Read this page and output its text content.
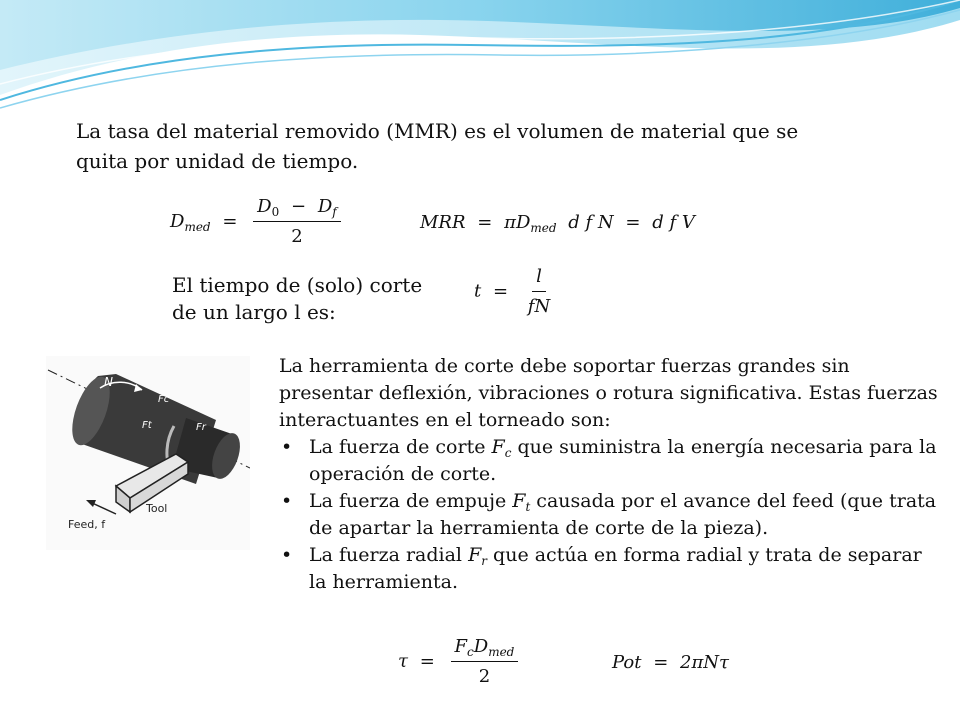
La tasa del material removido (MMR) es el volumen de material que se quita por unidad de tiempo.

$D_{med} = \frac{D_0 - D_f}{2}$	MRR = $\pi D_{med}$ d f N = d f V

El tiempo de (solo) corte de un largo l es:

$t = \frac{l}{fN}$
N
Fc
Fr
Ft
Tool
Feed, f
La herramienta de corte debe soportar fuerzas grandes sin presentar deflexión, vibraciones o rotura significativa. Estas fuerzas interactuantes en el torneado son:
• La fuerza de corte $F_c$ que suministra la energía necesaria para la operación de corte.
• La fuerza de empuje $F_t$ causada por el avance del feed (que trata de apartar la herramienta de corte de la pieza).
• La fuerza radial $F_r$ que actúa en forma radial y trata de separar la herramienta.
$\tau = \frac{F_cD_{med}}{2}$	Pot = 2πNτ
